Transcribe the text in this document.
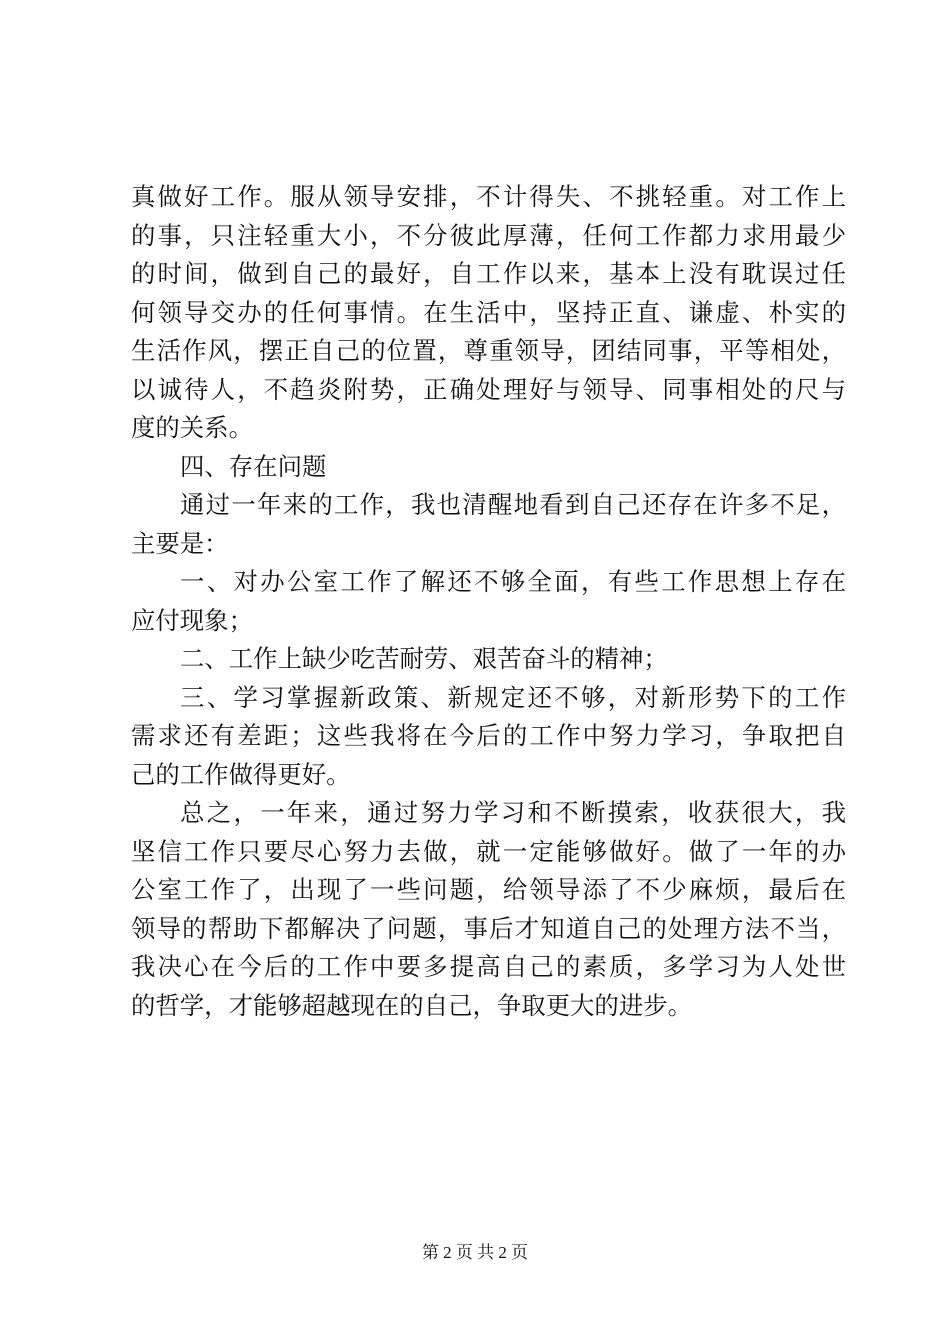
真做好工作。服从领导安排，不计得失、不挑轻重。对工作上
的事，只注轻重大小，不分彼此厚薄，任何工作都力求用最少
的时间，做到自己的最好，自工作以来，基本上没有耽误过任
何领导交办的任何事情。在生活中，坚持正直、谦虚、朴实的
生活作风，摆正自己的位置，尊重领导，团结同事，平等相处，
以诚待人，不趋炎附势，正确处理好与领导、同事相处的尺与
度的关系。
四、存在问题
通过一年来的工作，我也清醒地看到自己还存在许多不足，
主要是：
一、对办公室工作了解还不够全面，有些工作思想上存在
应付现象；
二、工作上缺少吃苦耐劳、艰苦奋斗的精神；
三、学习掌握新政策、新规定还不够，对新形势下的工作
需求还有差距；这些我将在今后的工作中努力学习，争取把自
己的工作做得更好。
总之，一年来，通过努力学习和不断摸索，收获很大，我
坚信工作只要尽心努力去做，就一定能够做好。做了一年的办
公室工作了，出现了一些问题，给领导添了不少麻烦，最后在
领导的帮助下都解决了问题，事后才知道自己的处理方法不当，
我决心在今后的工作中要多提高自己的素质，多学习为人处世
的哲学，才能够超越现在的自己，争取更大的进步。
第 2 页 共 2 页
